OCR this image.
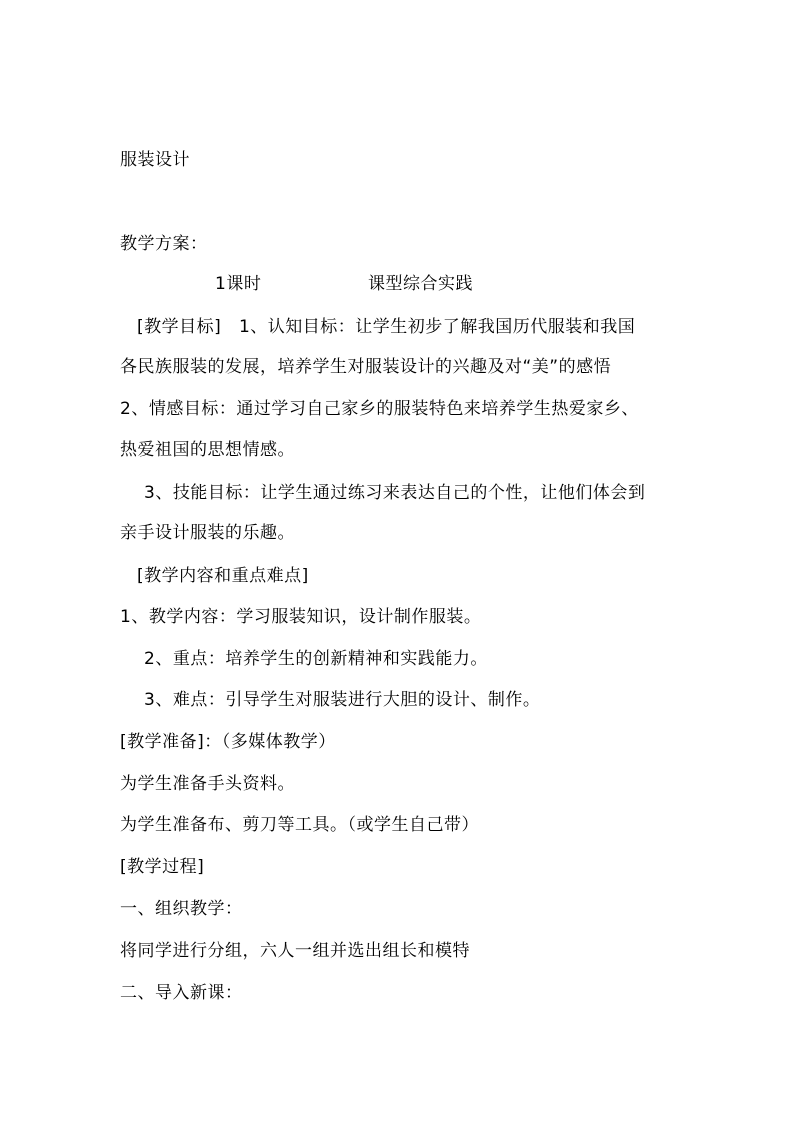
服装设计
教学方案：
1课时	课型综合实践
[教学目标]   1、认知目标：让学生初步了解我国历代服装和我国
各民族服装的发展，培养学生对服装设计的兴趣及对“美”的感悟
2、情感目标：通过学习自己家乡的服装特色来培养学生热爱家乡、
热爱祖国的思想情感。
3、技能目标：让学生通过练习来表达自己的个性，让他们体会到
亲手设计服装的乐趣。
[教学内容和重点难点]
1、教学内容：学习服装知识，设计制作服装。
2、重点：培养学生的创新精神和实践能力。
3、难点：引导学生对服装进行大胆的设计、制作。
[教学准备]：（多媒体教学）
为学生准备手头资料。
为学生准备布、剪刀等工具。（或学生自己带）
[教学过程]
一、组织教学：
将同学进行分组，六人一组并选出组长和模特
二、导入新课：
